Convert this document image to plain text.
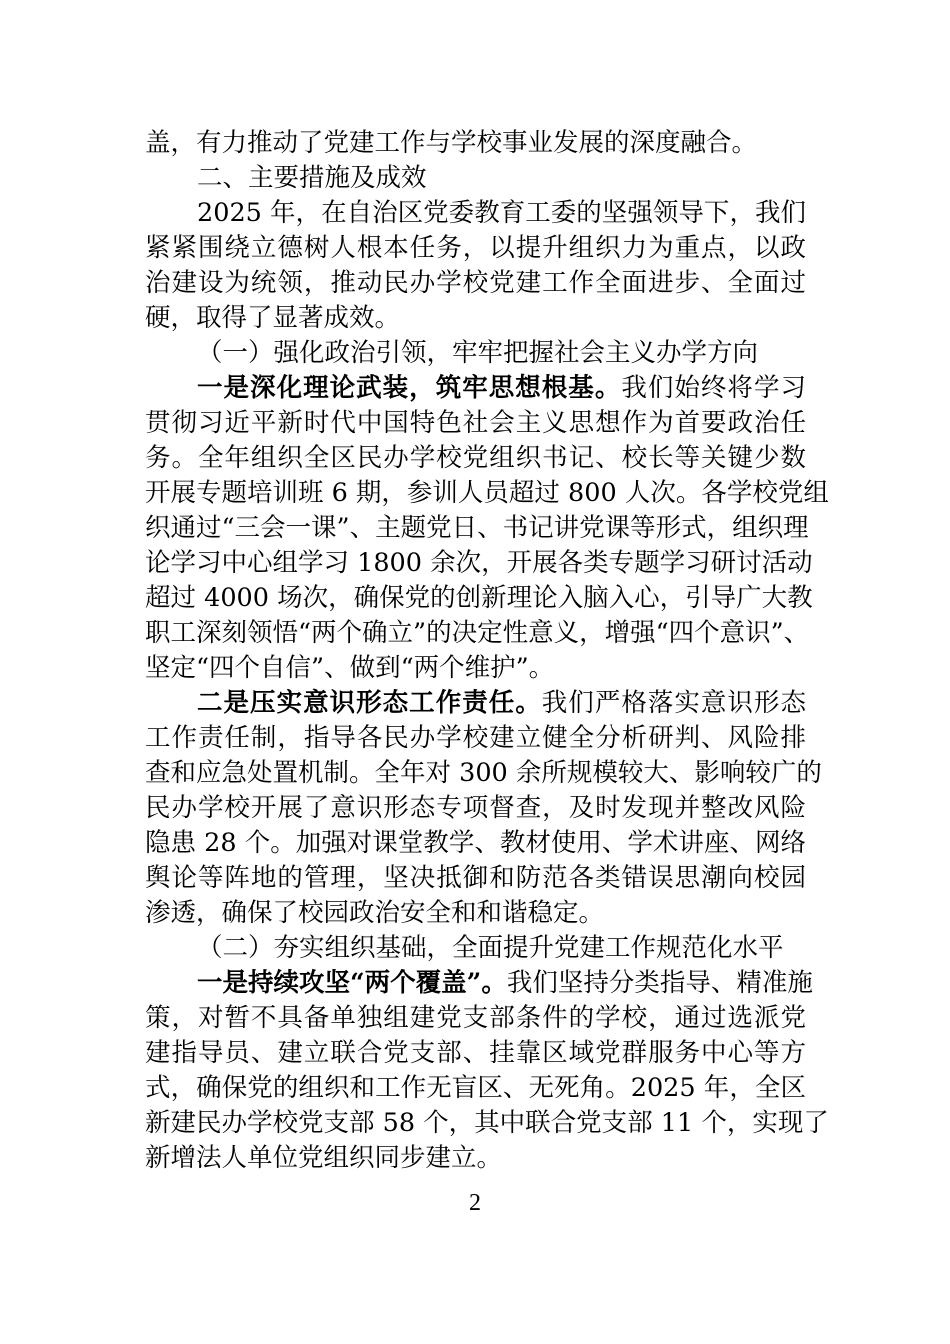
盖，有力推动了党建工作与学校事业发展的深度融合。
二、主要措施及成效
2025 年，在自治区党委教育工委的坚强领导下，我们
紧紧围绕立德树人根本任务，以提升组织力为重点，以政
治建设为统领，推动民办学校党建工作全面进步、全面过
硬，取得了显著成效。
（一）强化政治引领，牢牢把握社会主义办学方向
一是深化理论武装，筑牢思想根基。我们始终将学习
贯彻习近平新时代中国特色社会主义思想作为首要政治任
务。全年组织全区民办学校党组织书记、校长等关键少数
开展专题培训班 6 期，参训人员超过 800 人次。各学校党组
织通过“三会一课”、主题党日、书记讲党课等形式，组织理
论学习中心组学习 1800 余次，开展各类专题学习研讨活动
超过 4000 场次，确保党的创新理论入脑入心，引导广大教
职工深刻领悟“两个确立”的决定性意义，增强“四个意识”、
坚定“四个自信”、做到“两个维护”。
二是压实意识形态工作责任。我们严格落实意识形态
工作责任制，指导各民办学校建立健全分析研判、风险排
查和应急处置机制。全年对 300 余所规模较大、影响较广的
民办学校开展了意识形态专项督查，及时发现并整改风险
隐患 28 个。加强对课堂教学、教材使用、学术讲座、网络
舆论等阵地的管理，坚决抵御和防范各类错误思潮向校园
渗透，确保了校园政治安全和和谐稳定。
（二）夯实组织基础，全面提升党建工作规范化水平
一是持续攻坚“两个覆盖”。我们坚持分类指导、精准施
策，对暂不具备单独组建党支部条件的学校，通过选派党
建指导员、建立联合党支部、挂靠区域党群服务中心等方
式，确保党的组织和工作无盲区、无死角。2025 年，全区
新建民办学校党支部 58 个，其中联合党支部 11 个，实现了
新增法人单位党组织同步建立。
2
